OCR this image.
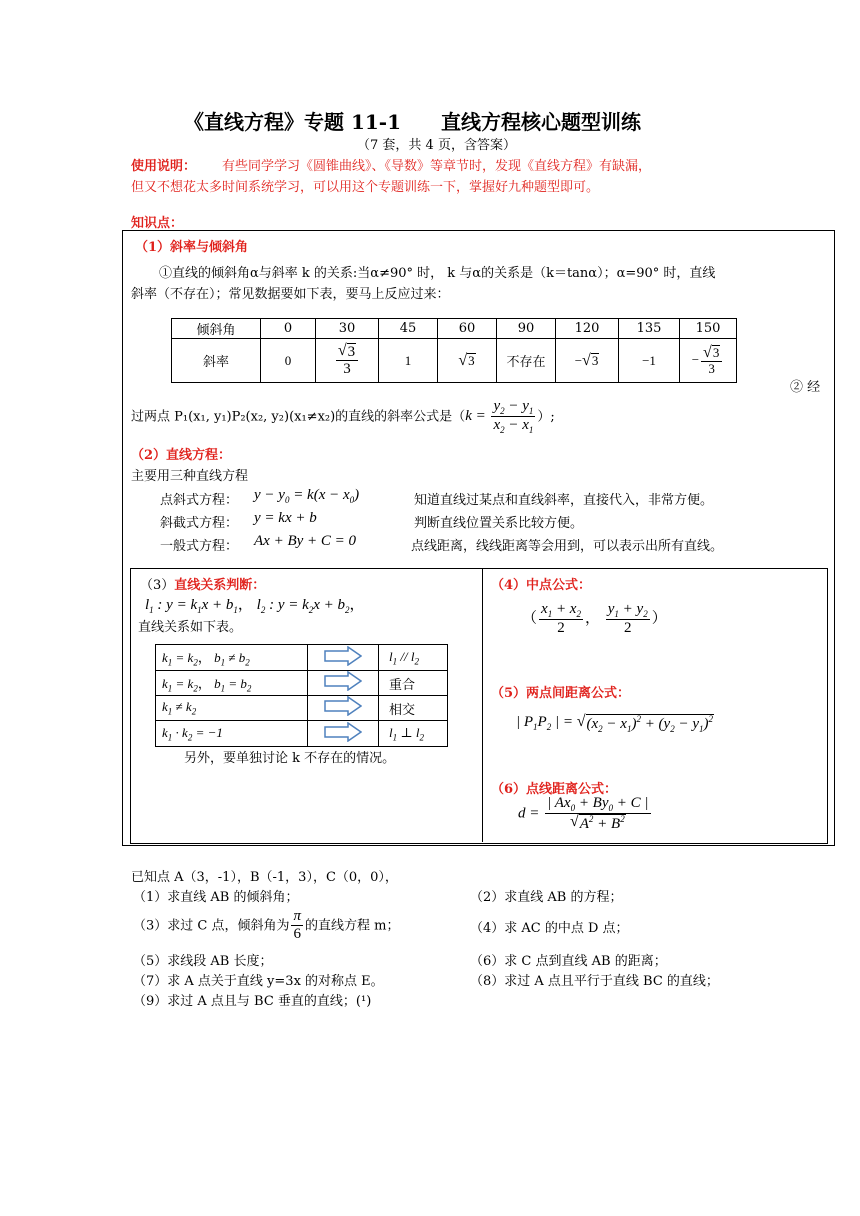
《直线方程》专题 11-1　　直线方程核心题型训练
（7 套，共 4 页，含答案）
使用说明： 有些同学学习《圆锥曲线》、《导数》等章节时，发现《直线方程》有缺漏，
但又不想花太多时间系统学习，可以用这个专题训练一下，掌握好九种题型即可。
知识点：
（1）斜率与倾斜角
①直线的倾斜角α与斜率 k 的关系:当α≠90° 时， k 与α的关系是（k＝tanα）；α=90° 时，直线
斜率（不存在）；常见数据要如下表，要马上反应过来：
倾斜角	0	30	45	60	90	120	135	150
斜率	0	$\frac{√ 3}{3}$	1	√ 3	不存在	− √ 3	−1	− $\frac{√ 3}{3}$
② 经
过两点 P₁(x₁, y₁)P₂(x₂, y₂)(x₁≠x₂)的直线的斜率公式是（$k = \frac{y_2 - y_1}{x_2 - x_1}$ ）;
（2）直线方程：
主要用三种直线方程
点斜式方程： $y - y_0 = k(x - x_0)$	知道直线过某点和直线斜率，直接代入，非常方便。
斜截式方程： y = kx + b	判断直线位置关系比较方便。
一般式方程： Ax + By + C = 0	点线距离，线线距离等会用到，可以表示出所有直线。
（3）直线关系判断：
$l_1$ : $y = k_1x + b_1$， $l_2$ : $y = k_2x + b_2$，
直线关系如下表。
$k_1 = k_2$， $b_1 \ne b_2$		$l_1 // l_2$
$k_1 = k_2$， $b_1 = b_2$		重合
$k_1 \ne k_2$		相交
$k_1 \cdot k_2 = -1$		$l_1$ ⊥ $l_2$
另外，要单独讨论 k 不存在的情况。
（4）中点公式：
（ $\frac{x_1 + x_2}{2}$ ， $\frac{y_1 + y_2}{2}$ ）
（5）两点间距离公式：
| $P_1P_2$ | = √ $(x_2 - x_1)^2 + (y_2 - y_1)^2$
（6）点线距离公式：
$d = \frac{| Ax_0 + By_0 + C |}{√ A^2 + B^2}$
已知点 A（3，-1），B（-1，3），C（0，0），
（1）求直线 AB 的倾斜角；	（2）求直线 AB 的方程；
（3）求过 C 点，倾斜角为 $\frac{\pi}{6}$ 的直线方程 m；	（4）求 AC 的中点 D 点；
（5）求线段 AB 长度；	（6）求 C 点到直线 AB 的距离；
（7）求 A 点关于直线 y=3x 的对称点 E。	（8）求过 A 点且平行于直线 BC 的直线；
（9）求过 A 点且与 BC 垂直的直线；(¹)
